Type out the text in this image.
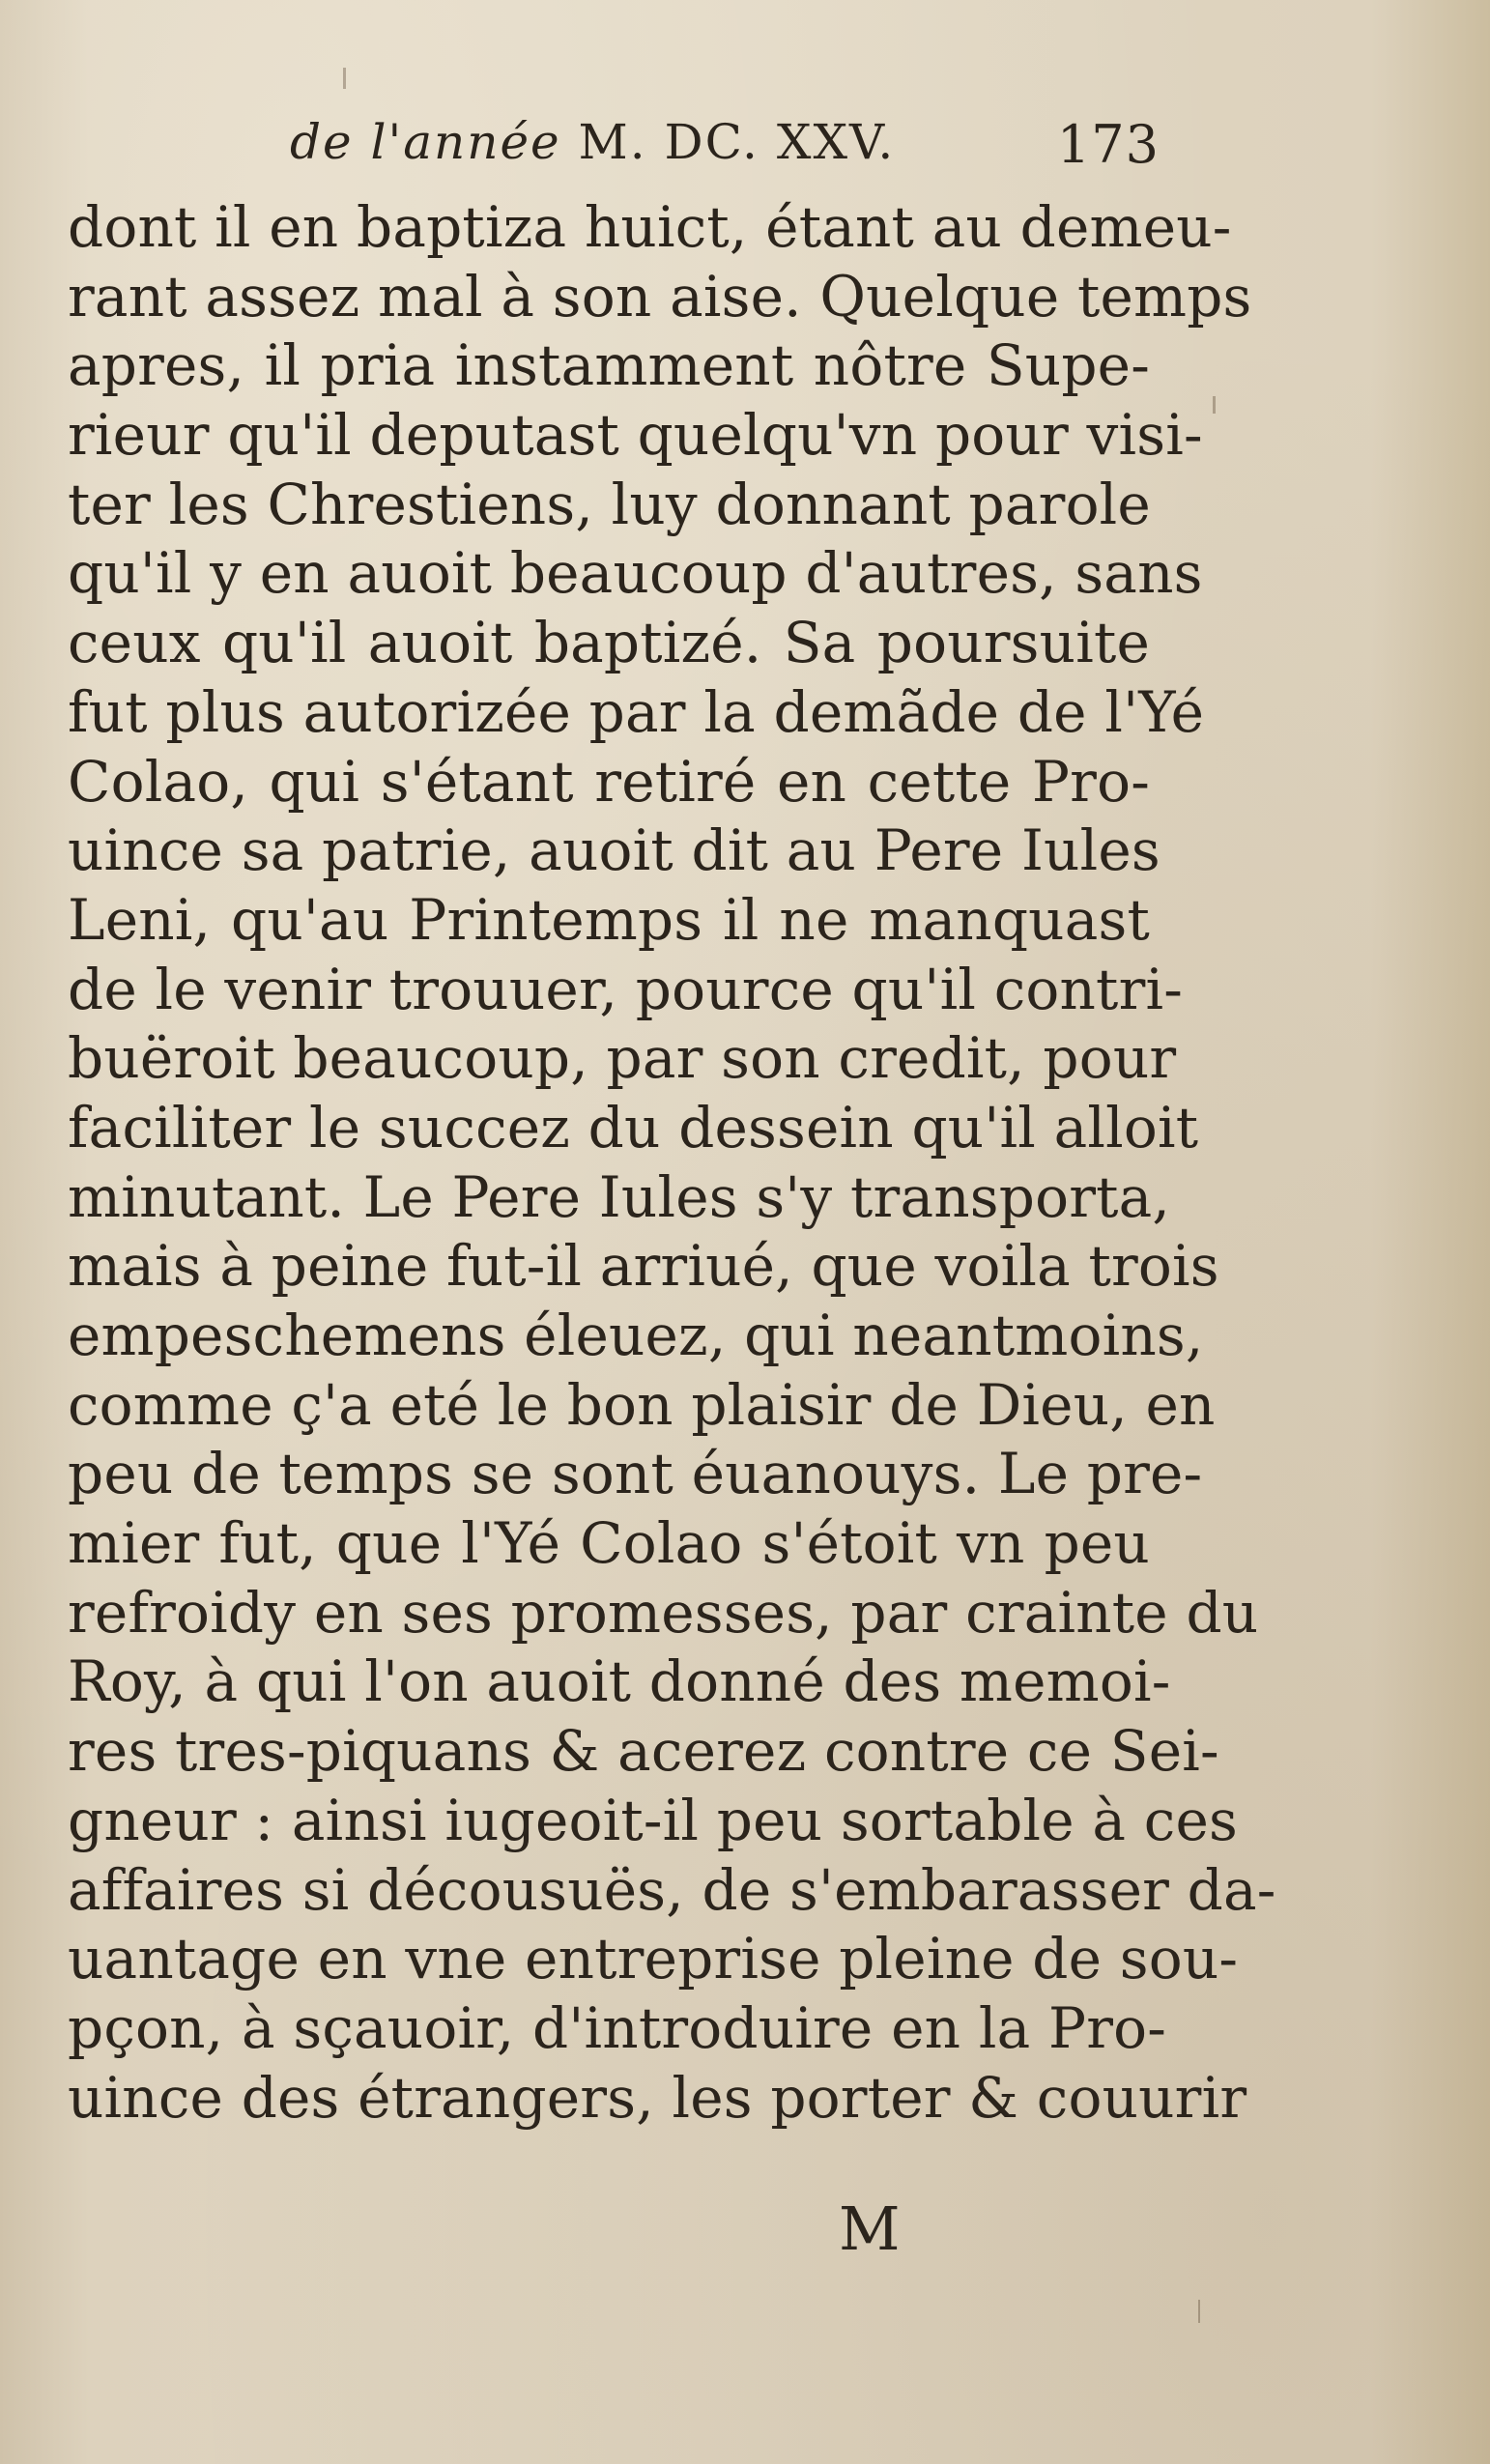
de l'année M. DC. XXV.	173
dont il en baptiza huict, étant au demeu-
rant assez mal à son aise. Quelque temps
apres, il pria instamment nôtre Supe-
rieur qu'il deputast quelqu'vn pour visi-
ter les Chrestiens, luy donnant parole
qu'il y en auoit beaucoup d'autres, sans
ceux qu'il auoit baptizé. Sa poursuite
fut plus autorizée par la demãde de l'Yé
Colao, qui s'étant retiré en cette Pro-
uince sa patrie, auoit dit au Pere Iules
Leni, qu'au Printemps il ne manquast
de le venir trouuer, pource qu'il contri-
buëroit beaucoup, par son credit, pour
faciliter le succez du dessein qu'il alloit
minutant. Le Pere Iules s'y transporta,
mais à peine fut-il arriué, que voila trois
empeschemens éleuez, qui neantmoins,
comme ç'a eté le bon plaisir de Dieu, en
peu de temps se sont éuanouys. Le pre-
mier fut, que l'Yé Colao s'étoit vn peu
refroidy en ses promesses, par crainte du
Roy, à qui l'on auoit donné des memoi-
res tres-piquans & acerez contre ce Sei-
gneur : ainsi iugeoit-il peu sortable à ces
affaires si décousuës, de s'embarasser da-
uantage en vne entreprise pleine de sou-
pçon, à sçauoir, d'introduire en la Pro-
uince des étrangers, les porter & couurir
M
